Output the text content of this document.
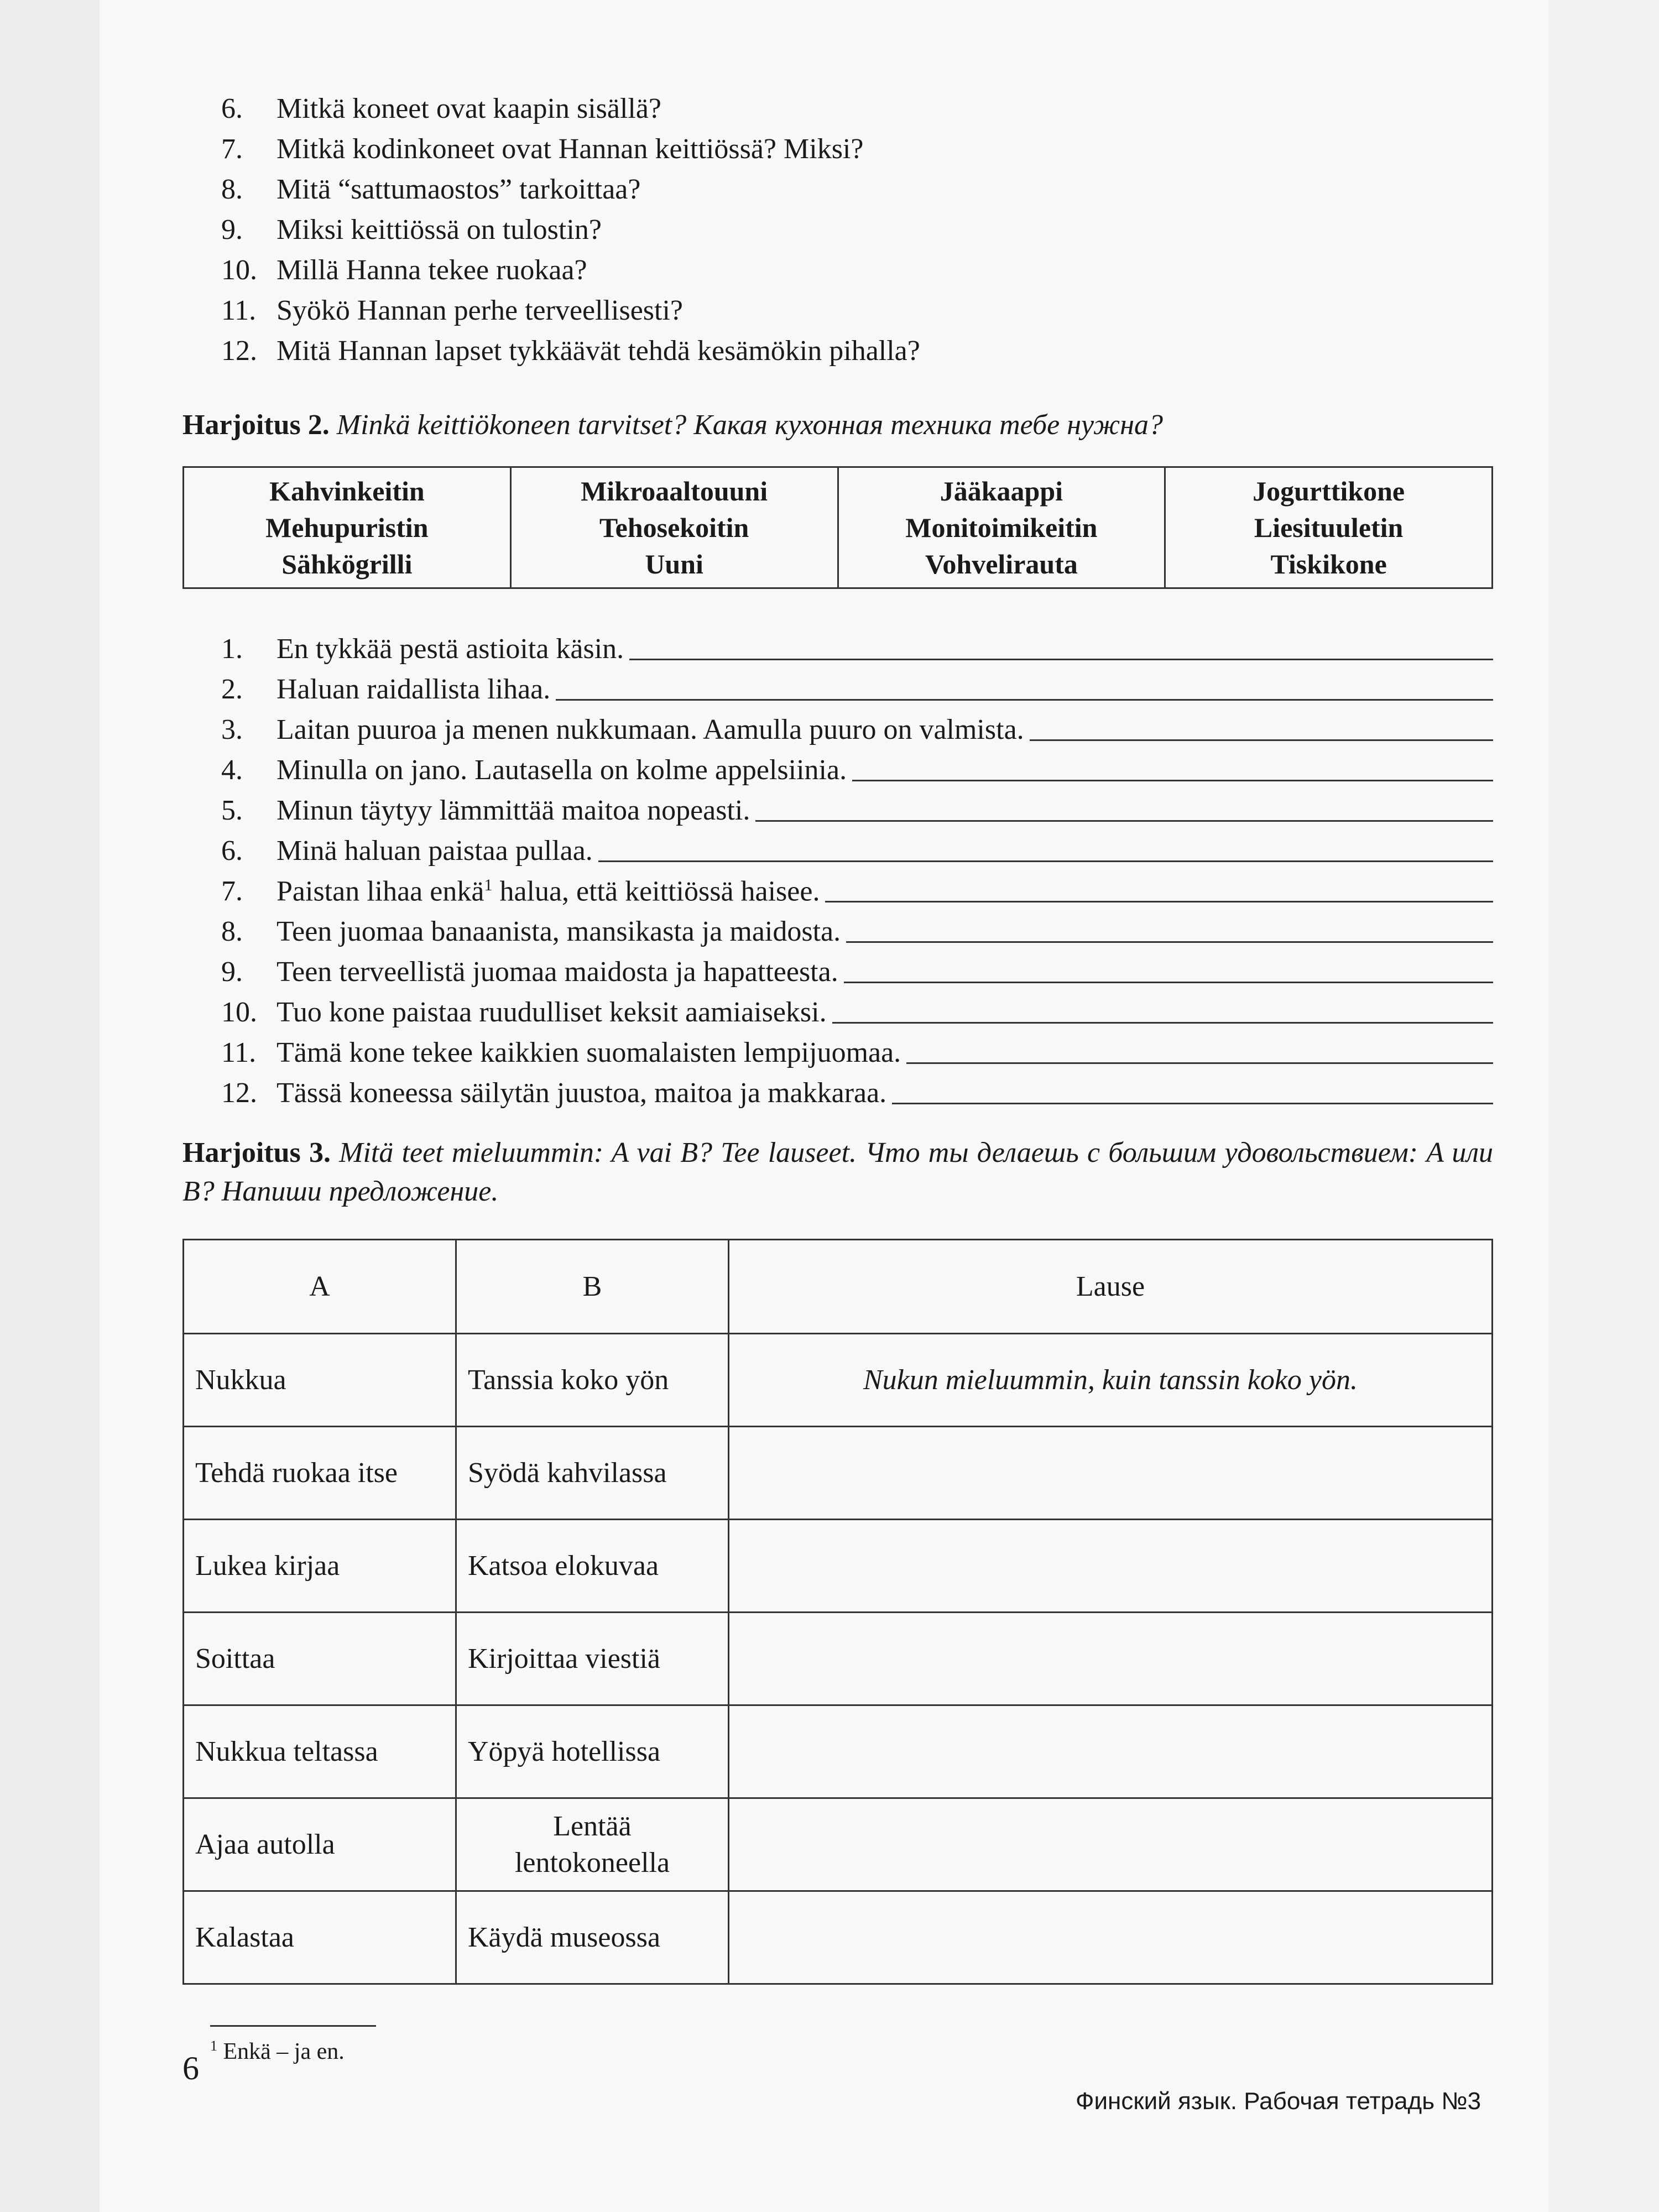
6. Mitkä koneet ovat kaapin sisällä?
7. Mitkä kodinkoneet ovat Hannan keittiössä? Miksi?
8. Mitä “sattumaostos” tarkoittaa?
9. Miksi keittiössä on tulostin?
10. Millä Hanna tekee ruokaa?
11. Syökö Hannan perhe terveellisesti?
12. Mitä Hannan lapset tykkäävät tehdä kesämökin pihalla?
Harjoitus 2. Minkä keittiökoneen tarvitset? Какая кухонная техника тебе нужна?
Kahvinkeitin
Mehupuristin
Sähkögrilli

Mikroaaltouuni
Tehosekoitin
Uuni

Jääkaappi
Monitoimikeitin
Vohvelirauta

Jogurttikone
Liesituuletin
Tiskikone
1.	En tykkää pestä astioita käsin.
2.	Haluan raidallista lihaa.
3.	Laitan puuroa ja menen nukkumaan. Aamulla puuro on valmista.
4.	Minulla on jano. Lautasella on kolme appelsiinia.
5.	Minun täytyy lämmittää maitoa nopeasti.
6.	Minä haluan paistaa pullaa.
7.	Paistan lihaa enkä$^1$ halua, että keittiössä haisee.
8.	Teen juomaa banaanista, mansikasta ja maidosta.
9.	Teen terveellistä juomaa maidosta ja hapatteesta.
10. Tuo kone paistaa ruudulliset keksit aamiaiseksi.
11. Tämä kone tekee kaikkien suomalaisten lempijuomaa.
12. Tässä koneessa säilytän juustoa, maitoa ja makkaraa.
Harjoitus 3. Mitä teet mieluummin: A vai B? Tee lauseet. Что ты делаешь с большим удовольствием: A или B? Напиши предложение.
A	B	Lause
Nukkua	Tanssia koko yön	Nukun mieluummin, kuin tanssin koko yön.
Tehdä ruokaa itse	Syödä kahvilassa	
Lukea kirjaa	Katsoa elokuvaa	
Soittaa	Kirjoittaa viestiä	
Nukkua teltassa	Yöpyä hotellissa	
Ajaa autolla	Lentää lentokoneella	

Kalastaa	Käydä museossa	
$^1$ Enkä – ja en.
6
Финский язык. Рабочая тетрадь №3
